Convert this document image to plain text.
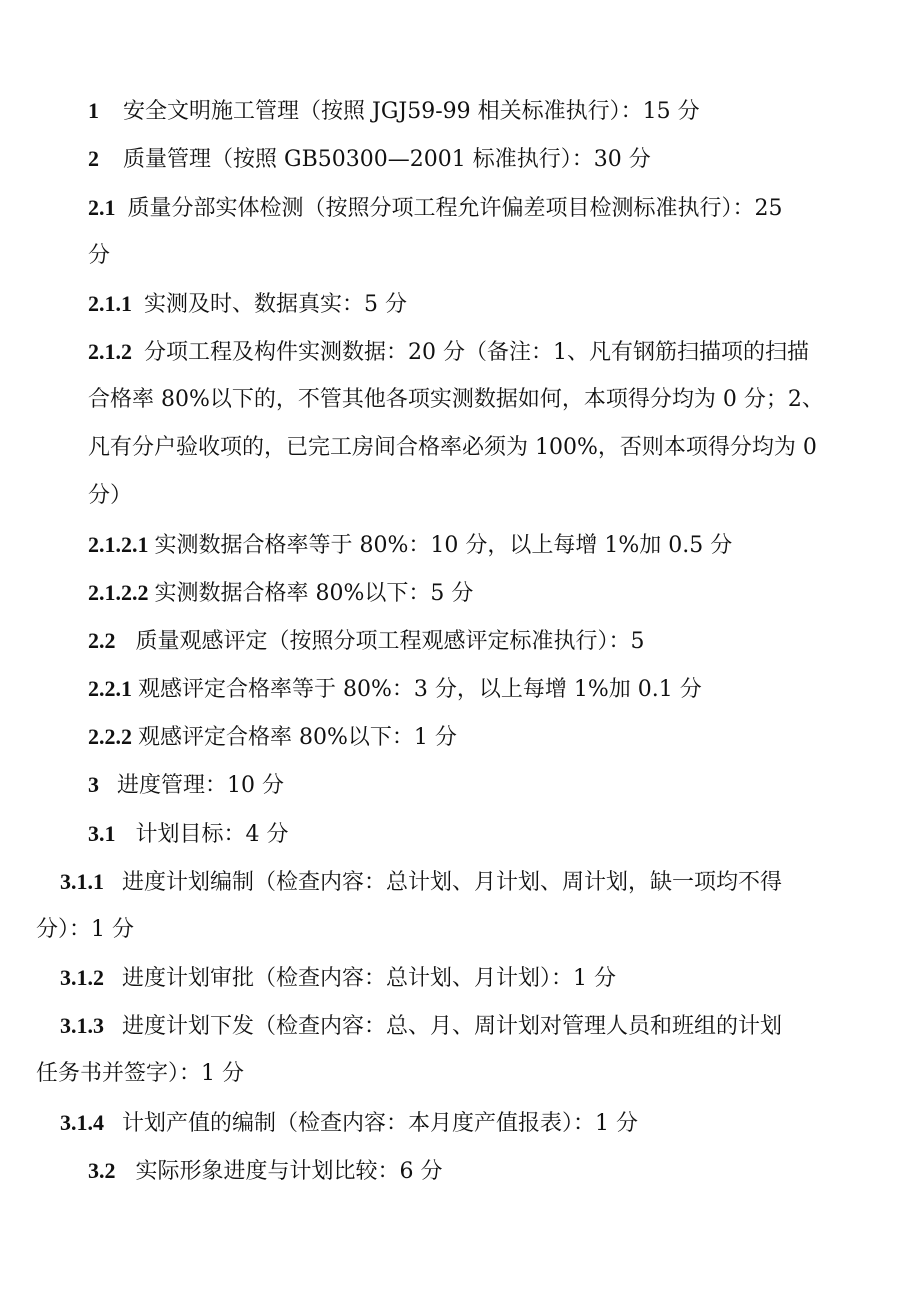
1 安全文明施工管理（按照 JGJ59-99 相关标准执行）：15 分
2 质量管理（按照 GB50300—2001 标准执行）：30 分
2.1 质量分部实体检测（按照分项工程允许偏差项目检测标准执行）：25
分
2.1.1 实测及时、数据真实：5 分
2.1.2 分项工程及构件实测数据：20 分（备注：1、凡有钢筋扫描项的扫描
合格率 80%以下的，不管其他各项实测数据如何，本项得分均为 0 分；2、
凡有分户验收项的，已完工房间合格率必须为 100%，否则本项得分均为 0
分）
2.1.2.1 实测数据合格率等于 80%：10 分，以上每增 1%加 0.5 分
2.1.2.2 实测数据合格率 80%以下：5 分
2.2 质量观感评定（按照分项工程观感评定标准执行）：5
2.2.1 观感评定合格率等于 80%：3 分，以上每增 1%加 0.1 分
2.2.2 观感评定合格率 80%以下：1 分
3 进度管理：10 分
3.1 计划目标：4 分
3.1.1 进度计划编制（检查内容：总计划、月计划、周计划，缺一项均不得
分）：1 分
3.1.2 进度计划审批（检查内容：总计划、月计划）：1 分
3.1.3 进度计划下发（检查内容：总、月、周计划对管理人员和班组的计划
任务书并签字）：1 分
3.1.4 计划产值的编制（检查内容：本月度产值报表）：1 分
3.2 实际形象进度与计划比较：6 分
